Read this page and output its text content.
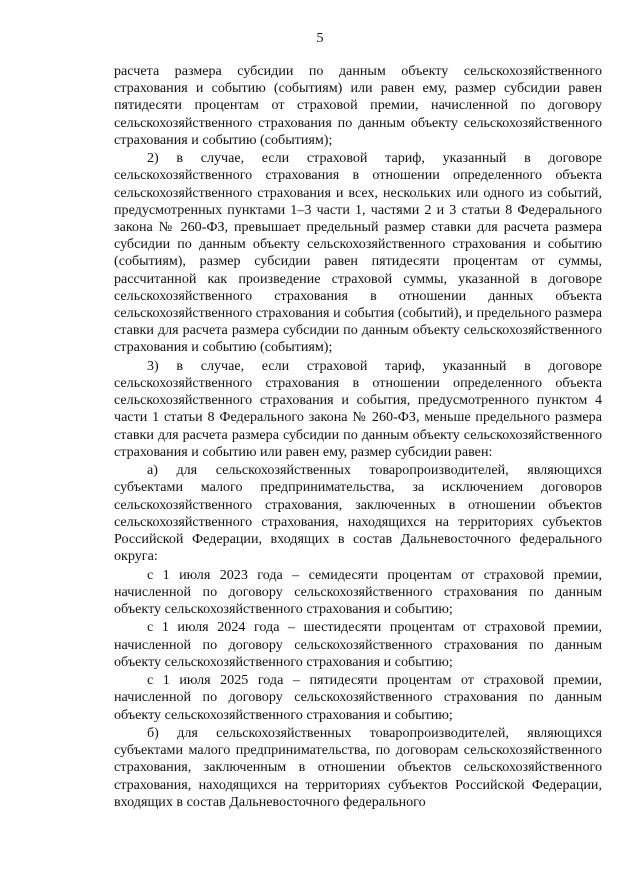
5

расчета размера субсидии по данным объекту сельскохозяйственного страхования и событию (событиям) или равен ему, размер субсидии равен пятидесяти процентам от страховой премии, начисленной по договору сельскохозяйственного страхования по данным объекту сельскохозяйственного страхования и событию (событиям);

2) в случае, если страховой тариф, указанный в договоре сельскохозяйственного страхования в отношении определенного объекта сельскохозяйственного страхования и всех, нескольких или одного из событий, предусмотренных пунктами 1–3 части 1, частями 2 и 3 статьи 8 Федерального закона № 260-ФЗ, превышает предельный размер ставки для расчета размера субсидии по данным объекту сельскохозяйственного страхования и событию (событиям), размер субсидии равен пятидесяти процентам от суммы, рассчитанной как произведение страховой суммы, указанной в договоре сельскохозяйственного страхования в отношении данных объекта сельскохозяйственного страхования и события (событий), и предельного размера ставки для расчета размера субсидии по данным объекту сельскохозяйственного страхования и событию (событиям);

3) в случае, если страховой тариф, указанный в договоре сельскохозяйственного страхования в отношении определенного объекта сельскохозяйственного страхования и события, предусмотренного пунктом 4 части 1 статьи 8 Федерального закона № 260-ФЗ, меньше предельного размера ставки для расчета размера субсидии по данным объекту сельскохозяйственного страхования и событию или равен ему, размер субсидии равен:

а) для сельскохозяйственных товаропроизводителей, являющихся субъектами малого предпринимательства, за исключением договоров сельскохозяйственного страхования, заключенных в отношении объектов сельскохозяйственного страхования, находящихся на территориях субъектов Российской Федерации, входящих в состав Дальневосточного федерального округа:

с 1 июля 2023 года – семидесяти процентам от страховой премии, начисленной по договору сельскохозяйственного страхования по данным объекту сельскохозяйственного страхования и событию;

с 1 июля 2024 года – шестидесяти процентам от страховой премии, начисленной по договору сельскохозяйственного страхования по данным объекту сельскохозяйственного страхования и событию;

с 1 июля 2025 года – пятидесяти процентам от страховой премии, начисленной по договору сельскохозяйственного страхования по данным объекту сельскохозяйственного страхования и событию;

б) для сельскохозяйственных товаропроизводителей, являющихся субъектами малого предпринимательства, по договорам сельскохозяйственного страхования, заключенным в отношении объектов сельскохозяйственного страхования, находящихся на территориях субъектов Российской Федерации, входящих в состав Дальневосточного федерального
